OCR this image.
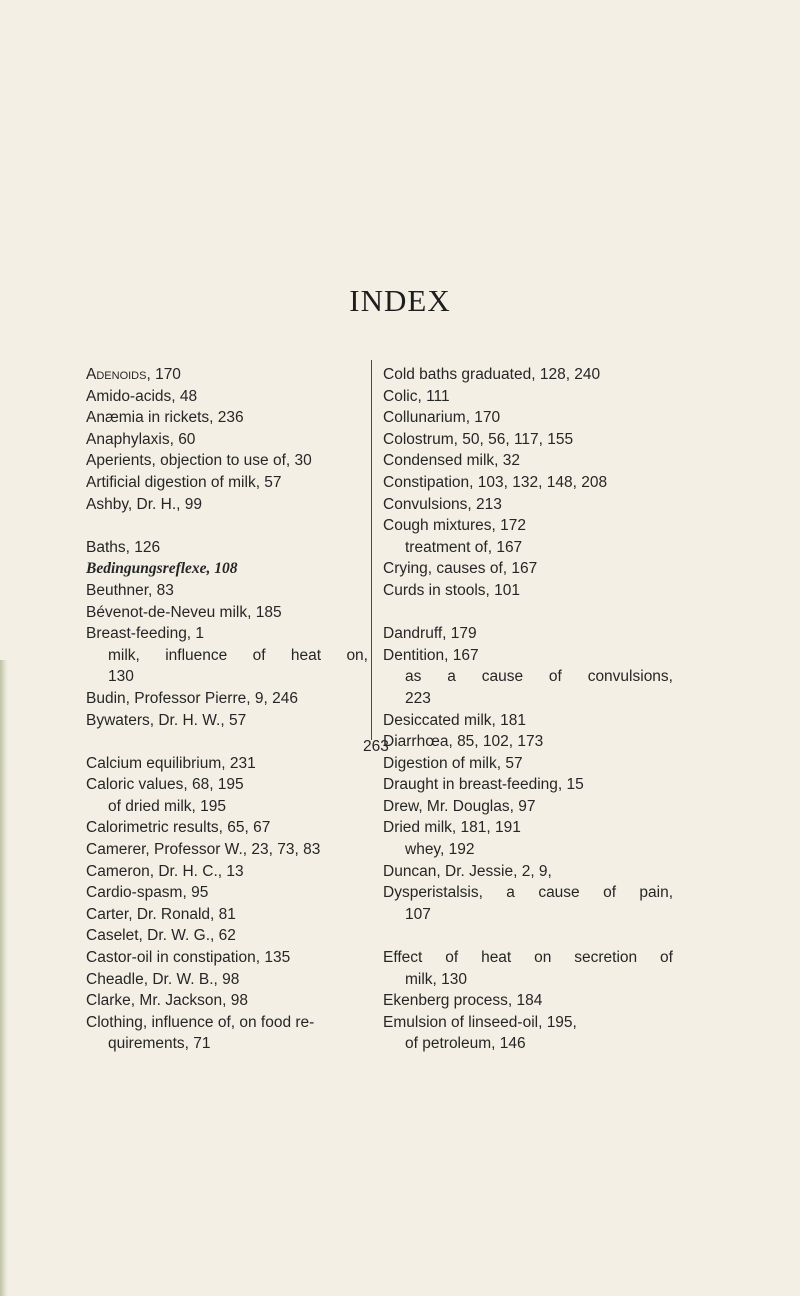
INDEX
Adenoids, 170
Amido-acids, 48
Anæmia in rickets, 236
Anaphylaxis, 60
Aperients, objection to use of, 30
Artificial digestion of milk, 57
Ashby, Dr. H., 99
Baths, 126
Bedingungsreflexe, 108
Beuthner, 83
Bévenot-de-Neveu milk, 185
Breast-feeding, 1
milk, influence of heat on,
130
Budin, Professor Pierre, 9, 246
Bywaters, Dr. H. W., 57
Calcium equilibrium, 231
Caloric values, 68, 195
of dried milk, 195
Calorimetric results, 65, 67
Camerer, Professor W., 23, 73, 83
Cameron, Dr. H. C., 13
Cardio-spasm, 95
Carter, Dr. Ronald, 81
Caselet, Dr. W. G., 62
Castor-oil in constipation, 135
Cheadle, Dr. W. B., 98
Clarke, Mr. Jackson, 98
Clothing, influence of, on food re-
quirements, 71
Cold baths graduated, 128, 240
Colic, 111
Collunarium, 170
Colostrum, 50, 56, 117, 155
Condensed milk, 32
Constipation, 103, 132, 148, 208
Convulsions, 213
Cough mixtures, 172
treatment of, 167
Crying, causes of, 167
Curds in stools, 101
Dandruff, 179
Dentition, 167
as a cause of convulsions,
223
Desiccated milk, 181
Diarrhœa, 85, 102, 173
Digestion of milk, 57
Draught in breast-feeding, 15
Drew, Mr. Douglas, 97
Dried milk, 181, 191
whey, 192
Duncan, Dr. Jessie, 2, 9,
Dysperistalsis, a cause of pain,
107
Effect of heat on secretion of
milk, 130
Ekenberg process, 184
Emulsion of linseed-oil, 195,
of petroleum, 146
263
